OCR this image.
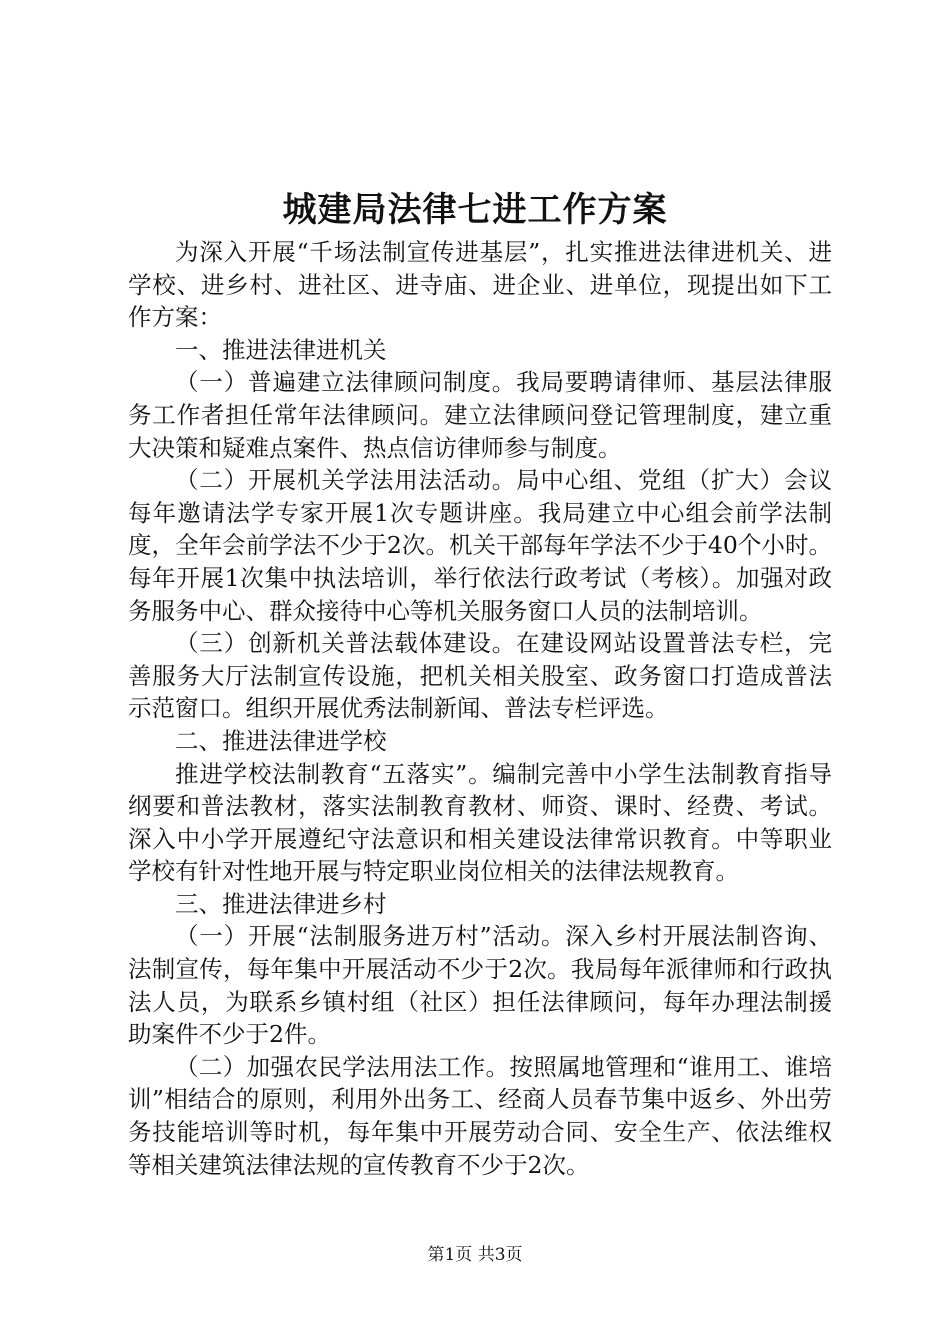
城建局法律七进工作方案

为深入开展“千场法制宣传进基层”，扎实推进法律进机关、进学校、进乡村、进社区、进寺庙、进企业、进单位，现提出如下工作方案：

一、推进法律进机关

（一）普遍建立法律顾问制度。我局要聘请律师、基层法律服务工作者担任常年法律顾问。建立法律顾问登记管理制度，建立重大决策和疑难点案件、热点信访律师参与制度。

（二）开展机关学法用法活动。局中心组、党组（扩大）会议每年邀请法学专家开展1次专题讲座。我局建立中心组会前学法制度，全年会前学法不少于2次。机关干部每年学法不少于40个小时。每年开展1次集中执法培训，举行依法行政考试（考核）。加强对政务服务中心、群众接待中心等机关服务窗口人员的法制培训。

（三）创新机关普法载体建设。在建设网站设置普法专栏，完善服务大厅法制宣传设施，把机关相关股室、政务窗口打造成普法示范窗口。组织开展优秀法制新闻、普法专栏评选。

二、推进法律进学校

推进学校法制教育“五落实”。编制完善中小学生法制教育指导纲要和普法教材，落实法制教育教材、师资、课时、经费、考试。深入中小学开展遵纪守法意识和相关建设法律常识教育。中等职业学校有针对性地开展与特定职业岗位相关的法律法规教育。

三、推进法律进乡村

（一）开展“法制服务进万村”活动。深入乡村开展法制咨询、法制宣传，每年集中开展活动不少于2次。我局每年派律师和行政执法人员，为联系乡镇村组（社区）担任法律顾问，每年办理法制援助案件不少于2件。

（二）加强农民学法用法工作。按照属地管理和“谁用工、谁培训”相结合的原则，利用外出务工、经商人员春节集中返乡、外出劳务技能培训等时机，每年集中开展劳动合同、安全生产、依法维权等相关建筑法律法规的宣传教育不少于2次。

第1页 共3页
